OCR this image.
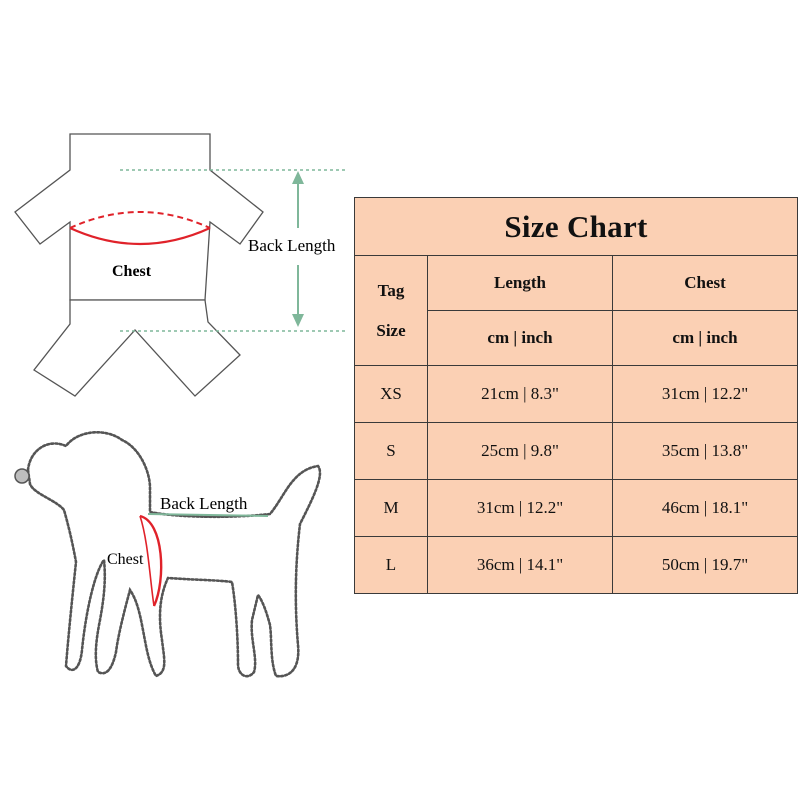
Back Length
Chest
Back Length
Chest
Size Chart		
Tag
Size	Length	Chest
	cm | inch	cm | inch
XS	21cm | 8.3"	31cm | 12.2"
S	25cm | 9.8"	35cm | 13.8"
M	31cm | 12.2"	46cm | 18.1"
L	36cm | 14.1"	50cm | 19.7"
